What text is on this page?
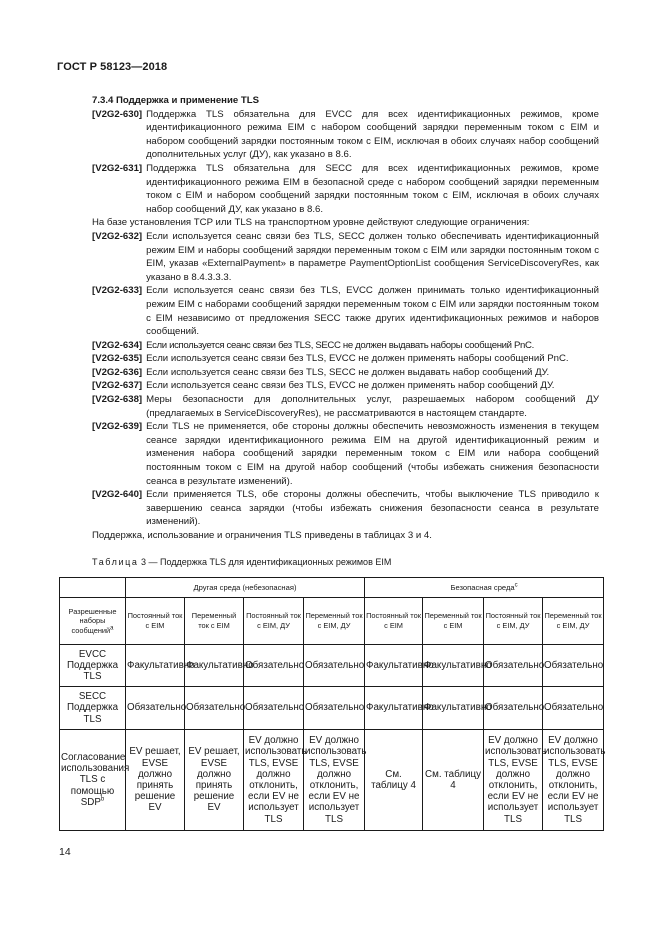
ГОСТ Р 58123—2018

7.3.4 Поддержка и применение TLS

[V2G2-630] Поддержка TLS обязательна для EVCC для всех идентификационных режимов, кроме идентификационного режима EIM с набором сообщений зарядки переменным током с EIM и набором сообщений зарядки постоянным током с EIM, исключая в обоих случаях набор сообщений дополнительных услуг (ДУ), как указано в 8.6.
[V2G2-631] Поддержка TLS обязательна для SECC для всех идентификационных режимов, кроме идентификационного режима EIM в безопасной среде с набором сообщений зарядки переменным током с EIM и набором сообщений зарядки постоянным током с EIM, исключая в обоих случаях набор сообщений ДУ, как указано в 8.6.

На базе установления TCP или TLS на транспортном уровне действуют следующие ограничения:

[V2G2-632] Если используется сеанс связи без TLS, SECC должен только обеспечивать идентификационный режим EIM и наборы сообщений зарядки переменным током с EIM или зарядки постоянным током с EIM, указав «ExternalPayment» в параметре PaymentOptionList сообщения ServiceDiscoveryRes, как указано в 8.4.3.3.3.
[V2G2-633] Если используется сеанс связи без TLS, EVCC должен принимать только идентификационный режим EIM с наборами сообщений зарядки переменным током с EIM или зарядки постоянным током с EIM независимо от предложения SECC также других идентификационных режимов и наборов сообщений.
[V2G2-634] Если используется сеанс связи без TLS, SECC не должен выдавать наборы сообщений PnC.
[V2G2-635] Если используется сеанс связи без TLS, EVCC не должен применять наборы сообщений PnC.
[V2G2-636] Если используется сеанс связи без TLS, SECC не должен выдавать набор сообщений ДУ.
[V2G2-637] Если используется сеанс связи без TLS, EVCC не должен применять набор сообщений ДУ.
[V2G2-638] Меры безопасности для дополнительных услуг, разрешаемых набором сообщений ДУ (предлагаемых в ServiceDiscoveryRes), не рассматриваются в настоящем стандарте.
[V2G2-639] Если TLS не применяется, обе стороны должны обеспечить невозможность изменения в текущем сеансе зарядки идентификационного режима EIM на другой идентификационный режим и изменения набора сообщений зарядки переменным током с EIM или набора сообщений постоянным током с EIM на другой набор сообщений (чтобы избежать снижения безопасности сеанса в результате изменений).
[V2G2-640] Если применяется TLS, обе стороны должны обеспечить, чтобы выключение TLS приводило к завершению сеанса зарядки (чтобы избежать снижения безопасности сеанса в результате изменений).

Поддержка, использование и ограничения TLS приведены в таблицах 3 и 4.

Таблица 3 — Поддержка TLS для идентификационных режимов EIM
	Другая среда (небезопасная)				Безопасная среда$^c$
Разрешенные наборы сообщений$^a$	Постоянный ток с EIM	Переменный ток с EIM	Постоянный ток с EIM, ДУ	Переменный ток с EIM, ДУ	Постоянный ток с EIM	Переменный ток с EIM	Постоянный ток с EIM, ДУ	Переменный ток с EIM, ДУ
EVCC Поддержка TLS	Факультативно	Факультативно	Обязательно	Обязательно	Факультативно	Факультативно	Обязательно	Обязательно
SECC Поддержка TLS	Обязательно	Обязательно	Обязательно	Обязательно	Факультативно	Факультативно	Обязательно	Обязательно
Согласование использования TLS с помощью SDP$^b$	EV решает, EVSE должно принять решение EV	EV решает, EVSE должно принять решение EV	EV должно использовать TLS, EVSE должно отклонить, если EV не использует TLS	EV должно использовать TLS, EVSE должно отклонить, если EV не использует TLS	См. таблицу 4	См. таблицу 4	EV должно использовать TLS, EVSE должно отклонить, если EV не использует TLS	EV должно использовать TLS, EVSE должно отклонить, если EV не использует TLS
14
